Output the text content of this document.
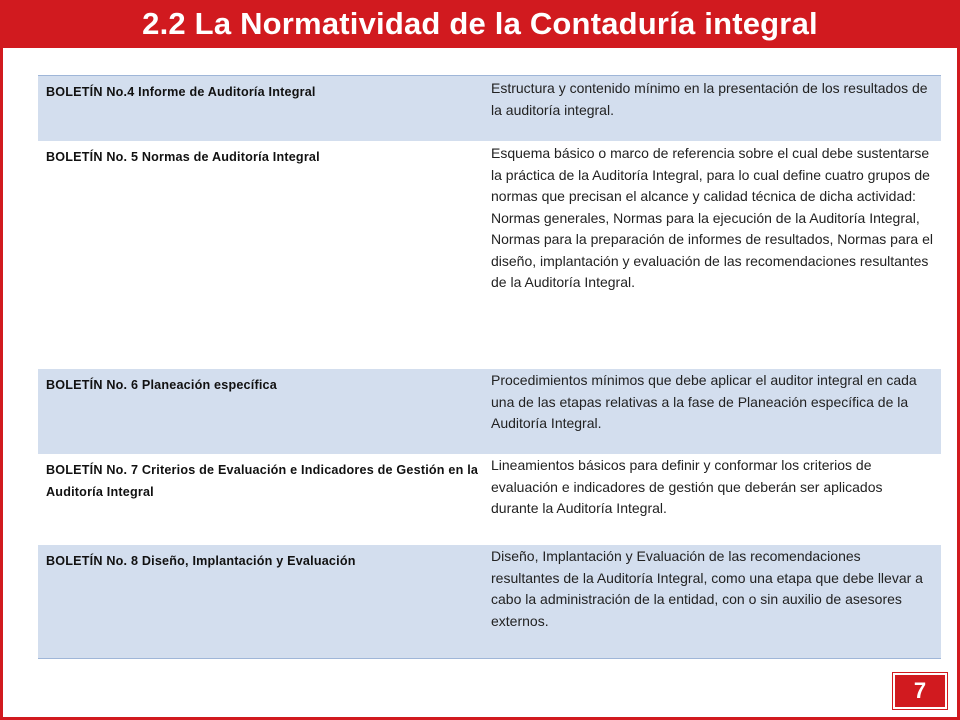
2.2 La Normatividad de la Contaduría integral
BOLETÍN No.4 Informe de Auditoría Integral	Estructura y contenido mínimo en la presentación de los resultados de la auditoría integral.
BOLETÍN No. 5 Normas de Auditoría Integral	Esquema básico o marco de referencia sobre el cual debe sustentarse la práctica de la Auditoría Integral, para lo cual define cuatro grupos de normas que precisan el alcance y calidad técnica de dicha actividad: Normas generales, Normas para la ejecución de la Auditoría Integral, Normas para la preparación de informes de resultados, Normas para el diseño, implantación y evaluación de las recomendaciones resultantes de la Auditoría Integral.
BOLETÍN No. 6 Planeación específica	Procedimientos mínimos que debe aplicar el auditor integral en cada una de las etapas relativas a la fase de Planeación específica de la Auditoría Integral.
BOLETÍN No. 7 Criterios de Evaluación e Indicadores de Gestión en la Auditoría Integral	Lineamientos básicos para definir y conformar los criterios de evaluación e indicadores de gestión que deberán ser aplicados durante la Auditoría Integral.
BOLETÍN No. 8 Diseño, Implantación y Evaluación	Diseño, Implantación y Evaluación de las recomendaciones resultantes de la Auditoría Integral, como una etapa que debe llevar a cabo la administración de la entidad, con o sin auxilio de asesores externos.
7
